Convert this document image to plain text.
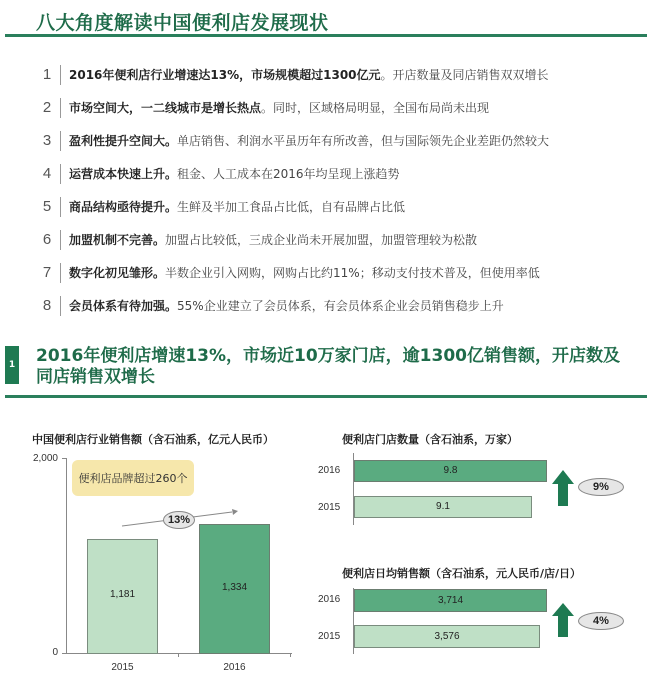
八大角度解读中国便利店发展现状
1	2016年便利店行业增速达13%，市场规模超过1300亿元 。开店数量及同店销售双双增长
2	市场空间大，一二线城市是增长热点 。同时，区域格局明显，全国布局尚未出现
3	盈利性提升空间大。 单店销售、利润水平虽历年有所改善，但与国际领先企业差距仍然较大
4	运营成本快速上升。 租金、人工成本在2016年均呈现上涨趋势
5	商品结构亟待提升。 生鲜及半加工食品占比低，自有品牌占比低
6	加盟机制不完善。 加盟占比较低，三成企业尚未开展加盟，加盟管理较为松散
7	数字化初见雏形。 半数企业引入网购，网购占比约11%；移动支付技术普及，但使用率低
8	会员体系有待加强。 55%企业建立了会员体系，有会员体系企业会员销售稳步上升
1 2016年便利店增速13%，市场近10万家门店，逾1300亿销售额，开店数及同店销售双增长
中国便利店行业销售额（含石油系，亿元人民币）
2,000
0
便利店品牌超过260个
13%
1,181
1,334
2015	2016
便利店门店数量（含石油系，万家）
2016
2015
9.8
9.1
9%
便利店日均销售额（含石油系，元人民币/店/日）
2016
2015
3,714
3,576
4%
